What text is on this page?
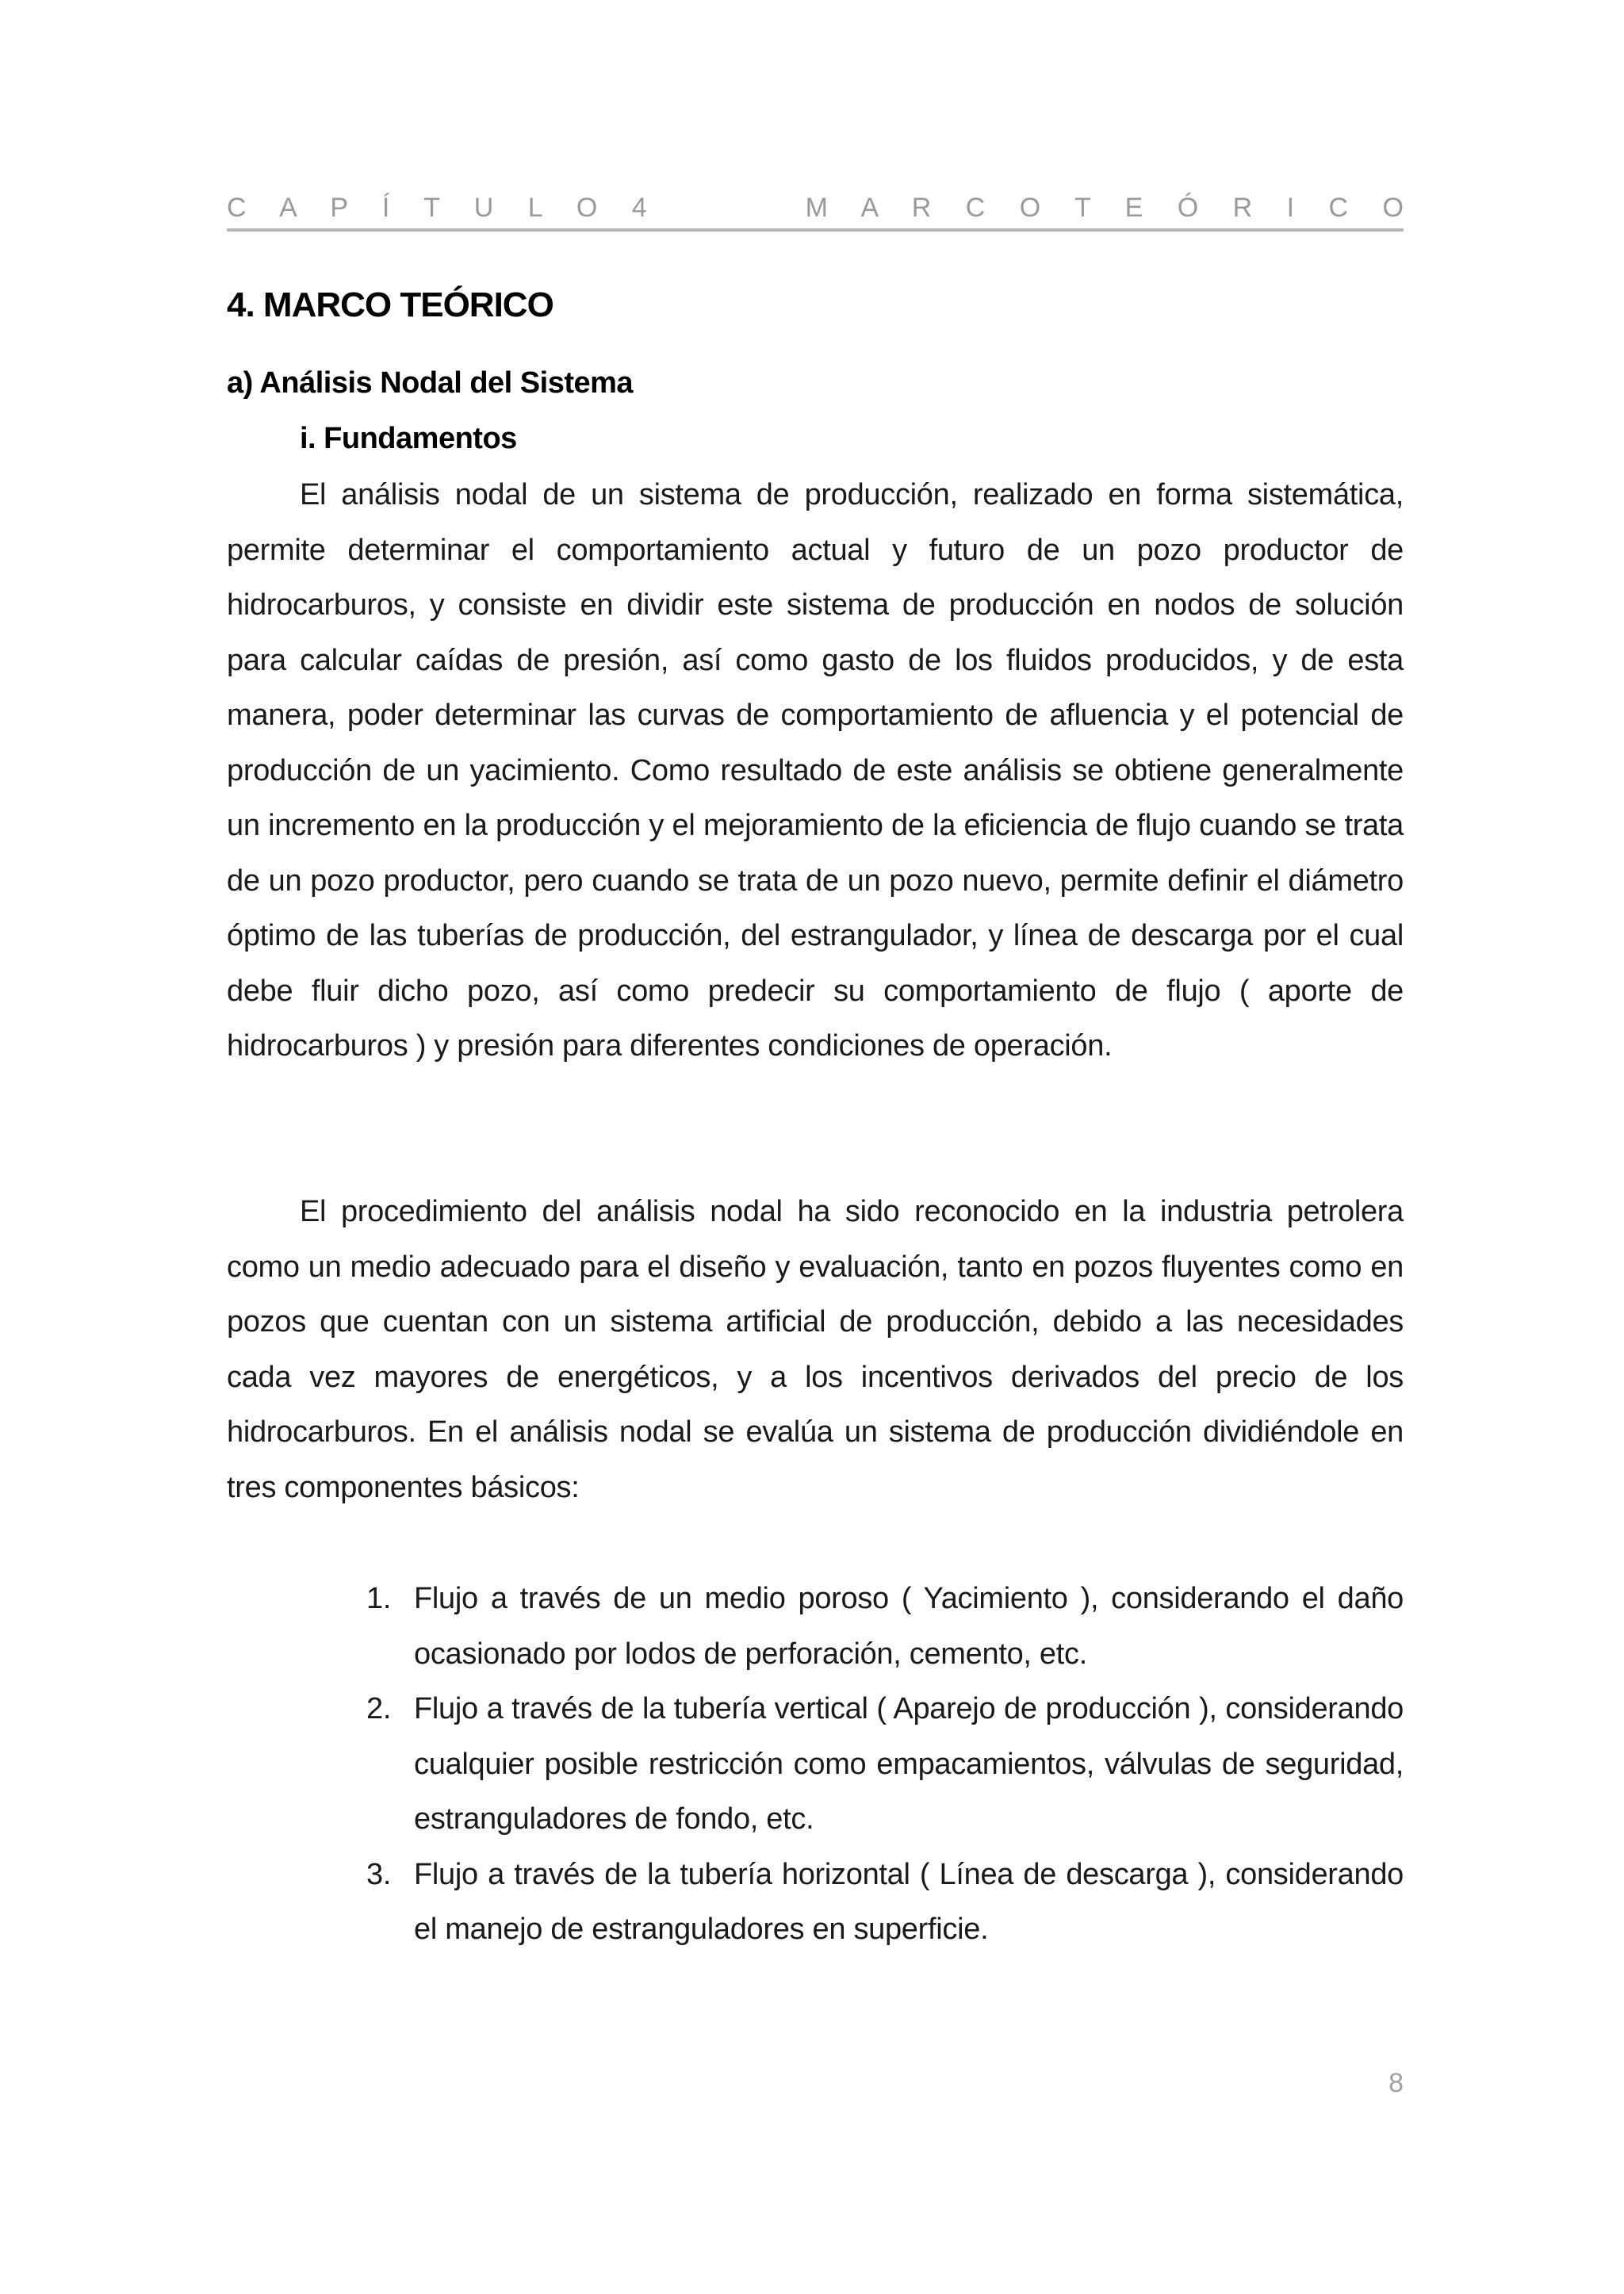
C A P Í T U L O 4	M A R C O T E Ó R I C O
4. MARCO TEÓRICO
a) Análisis Nodal del Sistema
i. Fundamentos

El análisis nodal de un sistema de producción, realizado en forma sistemática, permite determinar el comportamiento actual y futuro de un pozo productor de hidrocarburos, y consiste en dividir este sistema de producción en nodos de solución para calcular caídas de presión, así como gasto de los fluidos producidos, y de esta manera, poder determinar las curvas de comportamiento de afluencia y el potencial de producción de un yacimiento. Como resultado de este análisis se obtiene generalmente un incremento en la producción y el mejoramiento de la eficiencia de flujo cuando se trata de un pozo productor, pero cuando se trata de un pozo nuevo, permite definir el diámetro óptimo de las tuberías de producción, del estrangulador, y línea de descarga por el cual debe fluir dicho pozo, así como predecir su comportamiento de flujo ( aporte de hidrocarburos ) y presión para diferentes condiciones de operación.

El procedimiento del análisis nodal ha sido reconocido en la industria petrolera como un medio adecuado para el diseño y evaluación, tanto en pozos fluyentes como en pozos que cuentan con un sistema artificial de producción, debido a las necesidades cada vez mayores de energéticos, y a los incentivos derivados del precio de los hidrocarburos. En el análisis nodal se evalúa un sistema de producción dividiéndole en tres componentes básicos:

1. Flujo a través de un medio poroso ( Yacimiento ), considerando el daño ocasionado por lodos de perforación, cemento, etc.
2. Flujo a través de la tubería vertical ( Aparejo de producción ), considerando cualquier posible restricción como empacamientos, válvulas de seguridad, estranguladores de fondo, etc.
3. Flujo a través de la tubería horizontal ( Línea de descarga ), considerando el manejo de estranguladores en superficie.
8
